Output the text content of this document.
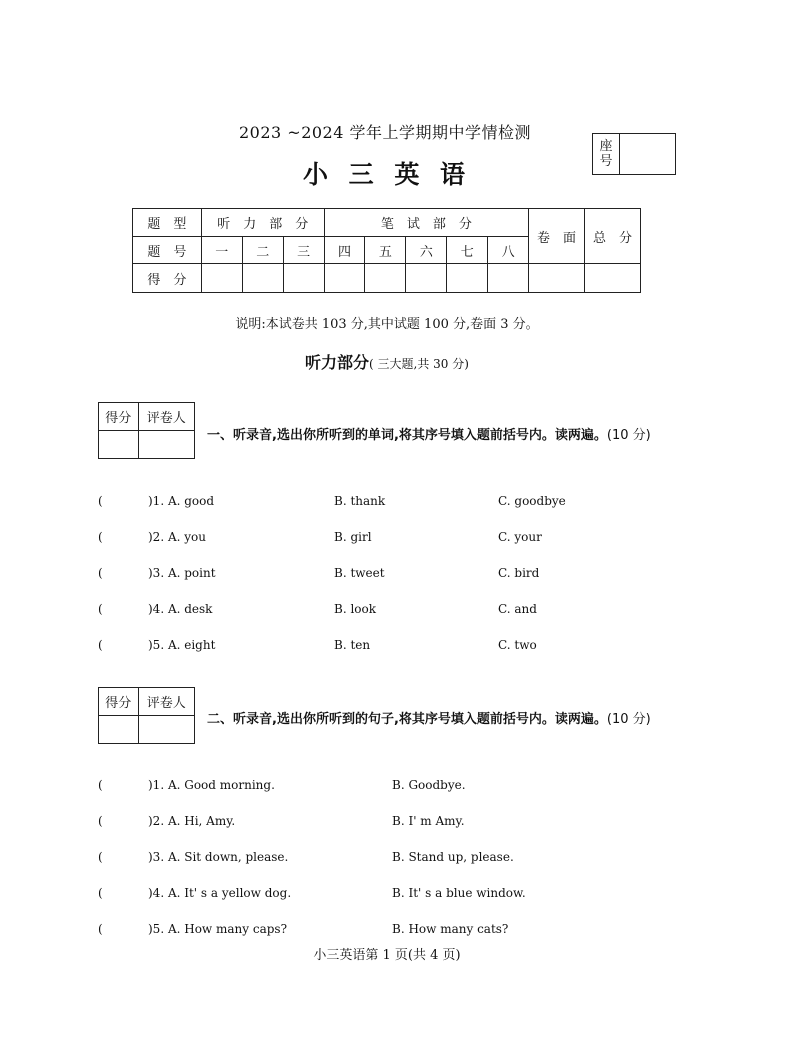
2023 ~2024 学年上学期期中学情检测
小 三 英 语
座
号
题　型	听　力　部　分			笔　试　部　分					卷　面	总　分
题　号	一	二	三	四	五	六	七	八		
得　分										
说明:本试卷共 103 分,其中试题 100 分,卷面 3 分。
听力部分( 三大题,共 30 分)
得分	评卷人

一、听录音,选出你所听到的单词,将其序号填入题前括号内。读两遍。(10 分)
(	)1. A. good	B. thank	C. goodbye
(	)2. A. you	B. girl	C. your
(	)3. A. point	B. tweet	C. bird
(	)4. A. desk	B. look	C. and
(	)5. A. eight	B. ten	C. two
得分	评卷人

二、听录音,选出你所听到的句子,将其序号填入题前括号内。读两遍。(10 分)
(	)1. A. Good morning.	B. Goodbye.
(	)2. A. Hi, Amy.	B. I' m Amy.
(	)3. A. Sit down, please.	B. Stand up, please.
(	)4. A. It' s a yellow dog.	B. It' s a blue window.
(	)5. A. How many caps?	B. How many cats?
小三英语第 1 页(共 4 页)
